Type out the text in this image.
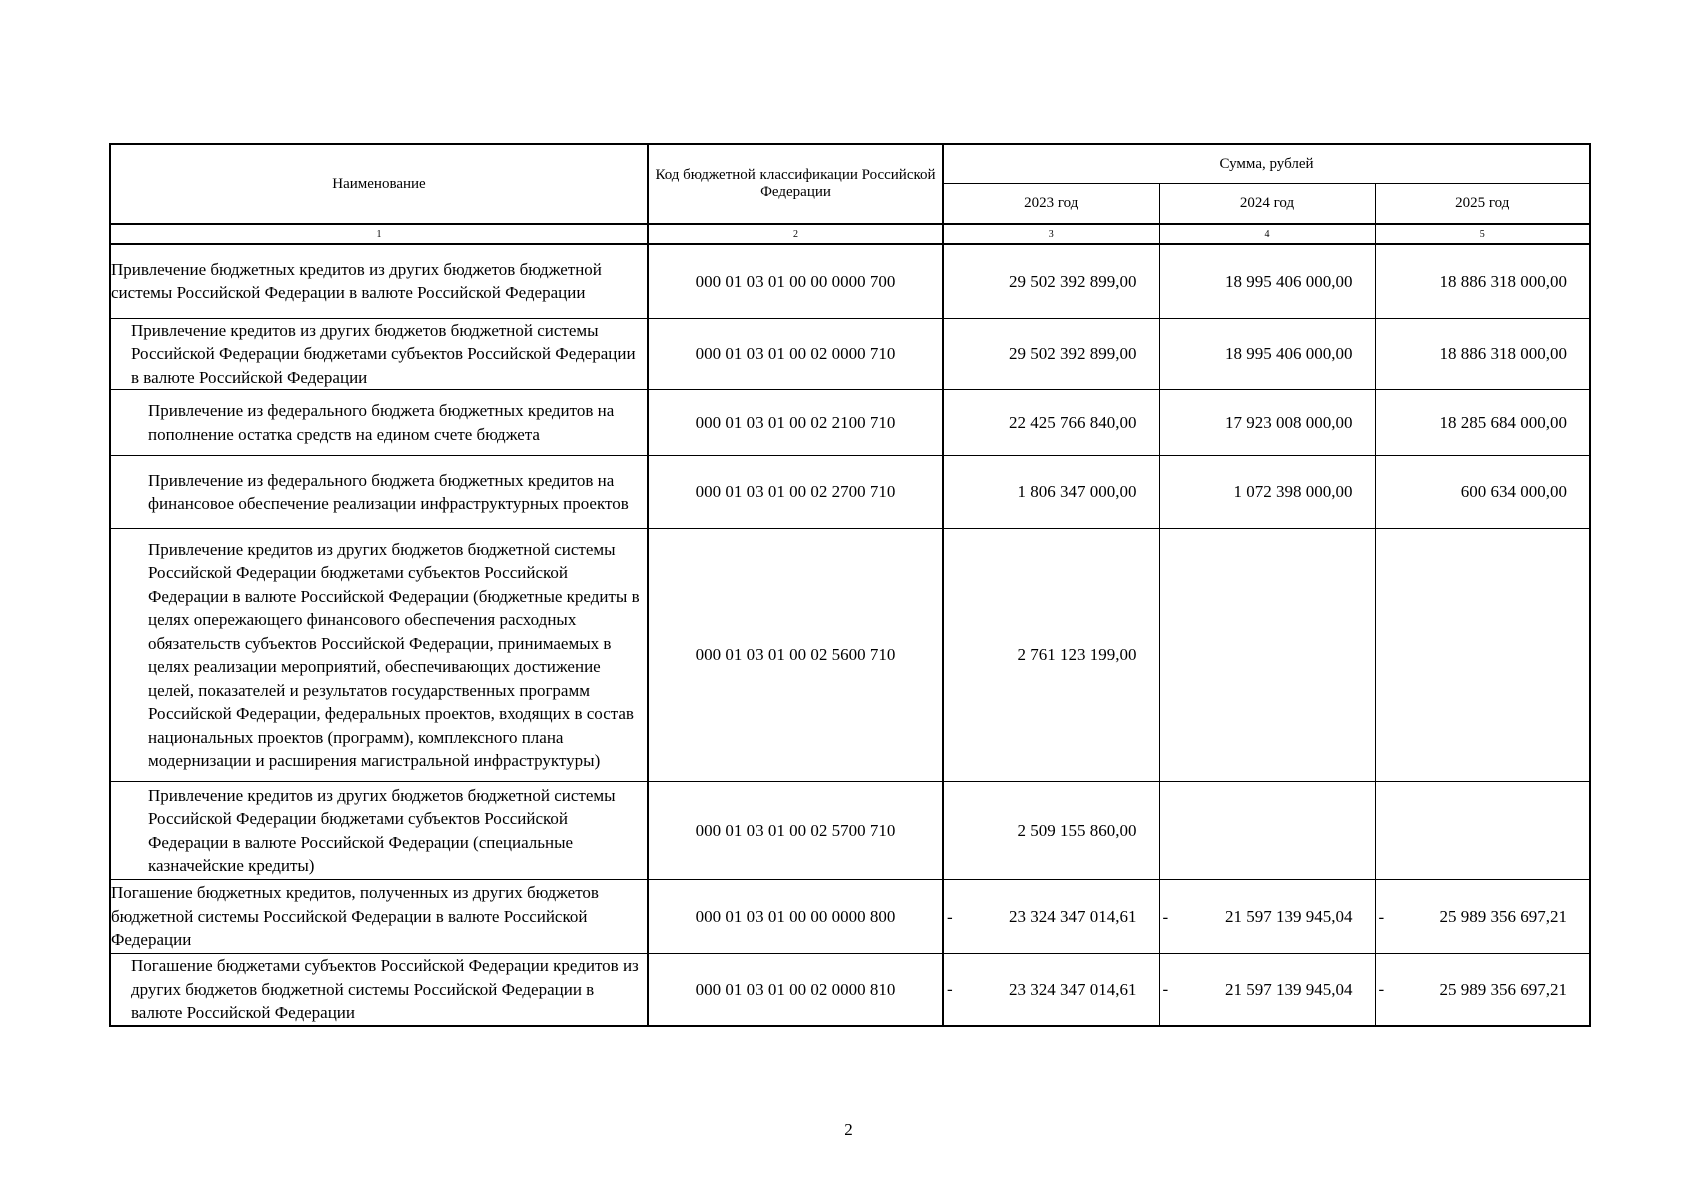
Наименование	Код бюджетной классификации Российской Федерации	Сумма, рублей		
		2023 год	2024 год	2025 год
1	2	3	4	5
Привлечение бюджетных кредитов из других бюджетов бюджетной системы Российской Федерации в валюте Российской Федерации	000 01 03 01 00 00 0000 700	29 502 392 899,00	18 995 406 000,00	18 886 318 000,00

Привлечение кредитов из других бюджетов бюджетной системы Российской Федерации бюджетами субъектов Российской Федерации в валюте Российской Федерации	000 01 03 01 00 02 0000 710	29 502 392 899,00	18 995 406 000,00	18 886 318 000,00

Привлечение из федерального бюджета бюджетных кредитов на пополнение остатка средств на едином счете бюджета	000 01 03 01 00 02 2100 710	22 425 766 840,00	17 923 008 000,00	18 285 684 000,00

Привлечение из федерального бюджета бюджетных кредитов на финансовое обеспечение реализации инфраструктурных проектов	000 01 03 01 00 02 2700 710	1 806 347 000,00	1 072 398 000,00	600 634 000,00

Привлечение кредитов из других бюджетов бюджетной системы Российской Федерации бюджетами субъектов Российской Федерации в валюте Российской Федерации (бюджетные кредиты в целях опережающего финансового обеспечения расходных обязательств субъектов Российской Федерации, принимаемых в целях реализации мероприятий, обеспечивающих достижение целей, показателей и результатов государственных программ Российской Федерации, федеральных проектов, входящих в состав национальных проектов (программ), комплексного плана модернизации и расширения магистральной инфраструктуры)	000 01 03 01 00 02 5600 710	2 761 123 199,00		

Привлечение кредитов из других бюджетов бюджетной системы Российской Федерации бюджетами субъектов Российской Федерации в валюте Российской Федерации (специальные казначейские кредиты)	000 01 03 01 00 02 5700 710	2 509 155 860,00		

Погашение бюджетных кредитов, полученных из других бюджетов бюджетной системы Российской Федерации в валюте Российской Федерации	000 01 03 01 00 00 0000 800	- 23 324 347 014,61	- 21 597 139 945,04	- 25 989 356 697,21

Погашение бюджетами субъектов Российской Федерации кредитов из других бюджетов бюджетной системы Российской Федерации в валюте Российской Федерации	000 01 03 01 00 02 0000 810	- 23 324 347 014,61	- 21 597 139 945,04	- 25 989 356 697,21
2
